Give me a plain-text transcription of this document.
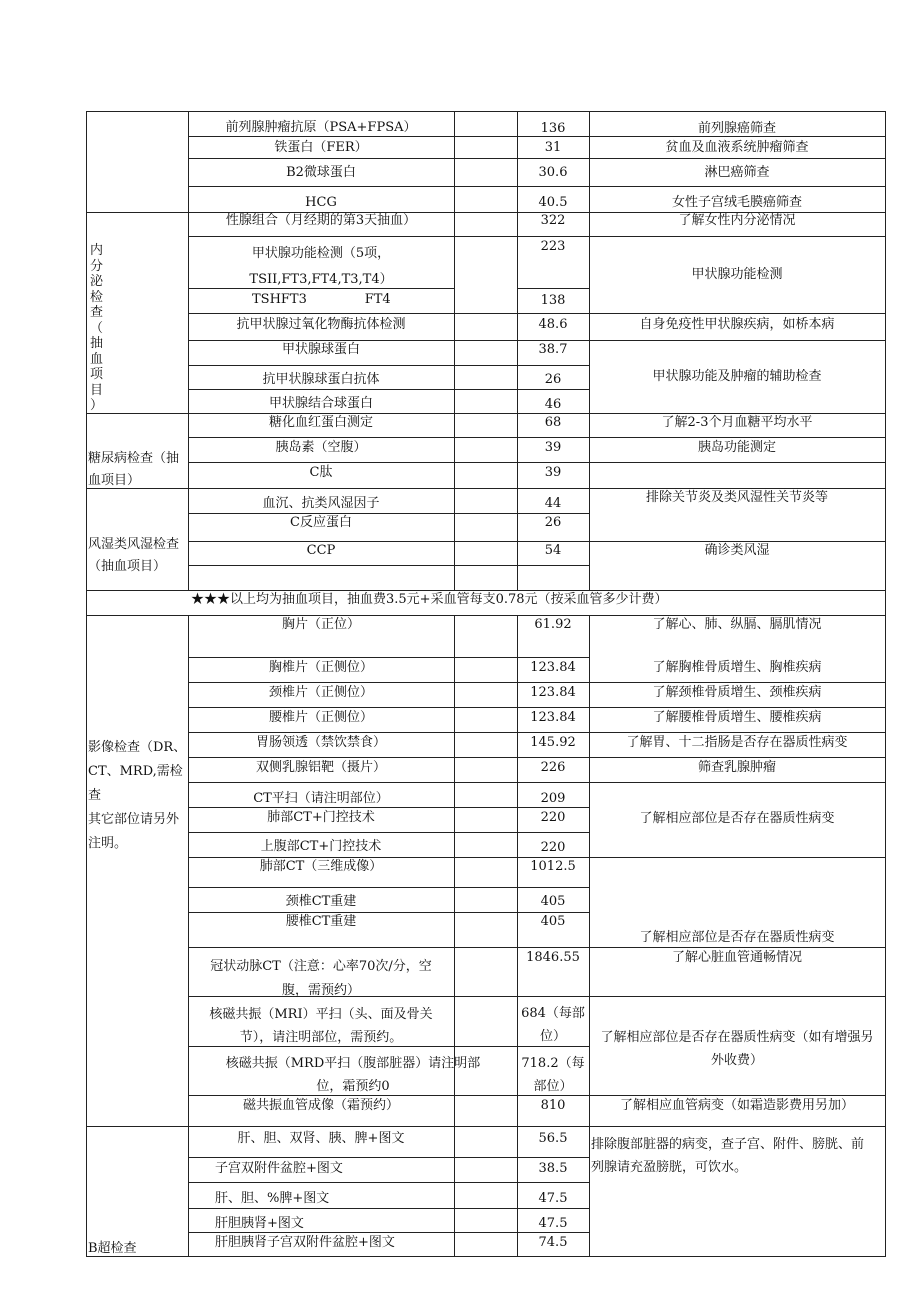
内
分
泌
检
查
（
抽
血
项
目
）
糖尿病检查（抽
血项目）
风湿类风湿检查
（抽血项目）
影像检查（DR、
CT、MRD,需检查
其它部位请另外
注明。
B超检查
★★★以上均为抽血项目，抽血费3.5元+采血管每支0.78元（按采血管多少计费）
前列腺肿瘤抗原（PSA+FPSA）
铁蛋白（FER）
B2微球蛋白
HCG
性腺组合（月经期的第3天抽血）
甲状腺功能检测（5项，
TSII,FT3,FT4,T3,T4）
TSHFT3              FT4
抗甲状腺过氧化物酶抗体检测
甲状腺球蛋白
抗甲状腺球蛋白抗体
甲状腺结合球蛋白
糖化血红蛋白测定
胰岛素（空腹）
C肽
血沉、抗类风湿因子
C反应蛋白
CCP
胸片（正位）
胸椎片（正侧位）
颈椎片（正侧位）
腰椎片（正侧位）
胃肠领透（禁饮禁食）
双侧乳腺铝靶（摄片）
CT平扫（请注明部位）
肺部CT+门控技术
上腹部CT+门控技术
肺部CT（三维成像）
颈椎CT重建
腰椎CT重建
冠状动脉CT（注意：心率70次/分，空
腹，需预约）
核磁共振（MRI）平扫（头、面及骨关
节），请注明部位，需预约。
核磁共振（MRD平扫（腹部脏器）请注明部
位，霜预约0
磁共振血管成像（霜预约）
肝、胆、双肾、胰、脾+图文
子宫双附件盆腔+图文
肝、胆、%脾+图文
肝胆胰肾+图文
肝胆胰肾子宫双附件盆腔+图文
136
31
30.6
40.5
322
223
138
48.6
38.7
26
46
68
39
39
44
26
54
61.92
123.84
123.84
123.84
145.92
226
209
220
220
1012.5
405
405
1846.55
684（每部
位）
718.2（每
部位）
810
56.5
38.5
47.5
47.5
74.5
前列腺癌筛查
贫血及血液系统肿瘤筛查
淋巴癌筛查
女性子宫绒毛膜癌筛查
了解女性内分泌情况
甲状腺功能检测
自身免疫性甲状腺疾病，如桥本病
甲状腺功能及肿瘤的辅助检查
了解2-3个月血糖平均水平
胰岛功能测定
排除关节炎及类风湿性关节炎等
确诊类风湿
了解心、肺、纵膈、膈肌情况
了解胸椎骨质增生、胸椎疾病
了解颈椎骨质增生、颈椎疾病
了解腰椎骨质增生、腰椎疾病
了解胃、十二指肠是否存在器质性病变
筛查乳腺肿瘤
了解相应部位是否存在器质性病变
了解相应部位是否存在器质性病变
了解心脏血管通畅情况
了解相应部位是否存在器质性病变（如有增强另
外收费）
了解相应血管病变（如霜造影费用另加）
排除腹部脏器的病变，查子宫、附件、膀胱、前
列腺请充盈膀胱，可饮水。
